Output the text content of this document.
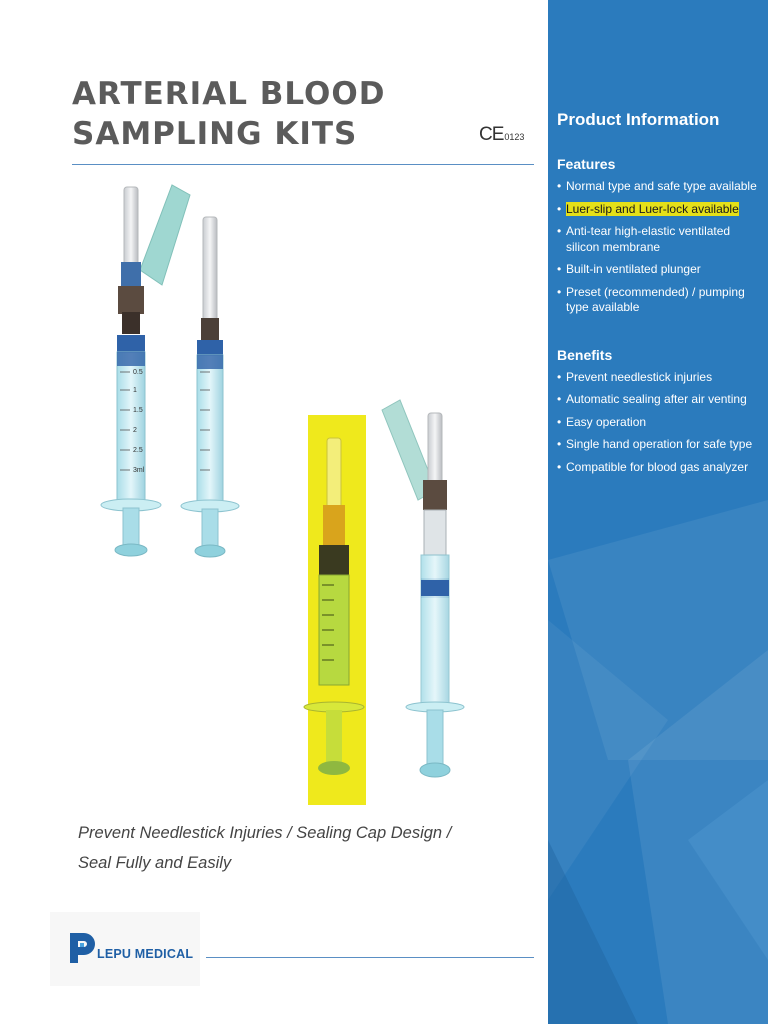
ARTERIAL BLOOD
SAMPLING KITS	CE0123
0.5
1
1.5
2
2.5
3ml

Prevent Needlestick Injuries / Sealing Cap Design /
Seal Fully and Easily

LEPU MEDICAL
Product Information
Features
• Normal type and safe type available
• Luer-slip and Luer-lock available
• Anti-tear high-elastic ventilated silicon membrane
• Built-in ventilated plunger
• Preset (recommended) / pumping type available
Benefits
• Prevent needlestick injuries
• Automatic sealing after air venting
• Easy operation
• Single hand operation for safe type
• Compatible for blood gas analyzer
